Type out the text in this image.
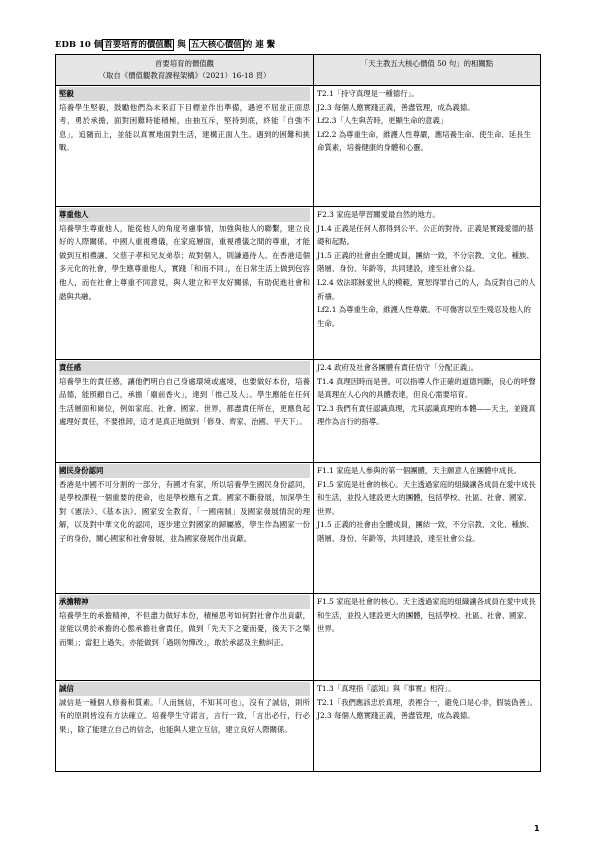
EDB 10 個 首要培育的價值觀 與 五大核心價值 的 連 繫
首要培育的價值觀
（取自《價值觀教育課程架構》（2021）16-18 頁）	「天主教五大核心價值 50 句」的相關點

堅毅
培養學生堅毅，鼓勵他們為未來訂下目標並作出準備，遇逆不屈並正面思考、勇於承擔，面對困難時能積極，由抽互斥，堅持到底，終能「自強不息」，追隨而上，並能以真實地面對生活，建構正面人生。遇到的困難和挑戰。	T2.1「持守真理是一種德行」。
J2.3 每個人應實踐正義，善盡管理，成為義德。
Lf2.3「人生與苦時，更顯生命的意義」
Lf2.2 為尊重生命，維護人性尊嚴，應培養生命、使生命、延長生命質素，培養健康的身體和心靈。

尊重他人
培養學生尊重他人，能從他人的角度考慮事情，加強與他人的聯繫，建立良好的人際關係。中國人重視禮儀，在家庭層面，重視禮儀之間的尊重，才能做到互相禮讓、父慈子孝和兄友弟恭；故對個人，則謙遜待人。在香港這個多元化的社會，學生應尊重他人，實踐「和而不同」，在日常生活上做到包容他人，而在社會上尊重不同意見，與人建立和平友好關係，有助促進社會和諧與共融。	F2.3 家庭是學習關愛最自然的地方。
J1.4 正義是任何人都得到公平、公正的對待。正義是實踐愛德的基礎和起點。
J1.5 正義的社會由全體成員，團結一致，不分宗教、文化、種族、階層、身份、年齡等，共同建設，達至社會公益。
L2.4 效法耶穌愛世人的模範，寬恕得罪自己的人，為反對自己的人祈禱。
Lf2.1 為尊重生命，維護人性尊嚴。不可傷害以至生殘忍及他人的生命。

責任感
培養學生的責任感，讓他們明白自己身處環境或處境，也要做好本份，培養品德，能照顧自己，承擔「廟前香火」，達到「推己及人」。學生應能在任何生活層面和崗位，例如家庭、社會、國家、世界，都盡責任所在，更應負起處理好責任，不要推卸，這才是真正地做到「修身、齊家、治國、平天下」。	J2.4 政府及社會各團體有責任悟守「分配正義」。
T1.4 真理因時而是善。可以指導人作正確的道德判斷，良心的呼聲是真理在人心內的具體表達，但良心需要培育。
T2.3 我們有責任認識真理，尤其認識真理的本體——天主，並踐真理作為言行的指導。

國民身份認同
香港是中國不可分割的一部分，有國才有家，所以培養學生國民身份認同，是學校課程一個重要的使命，也是學校應有之責。國家不斷發展，加深學生對《憲法》、《基本法》、國家安全教育、「一國兩制」及國家發展情況的理解，以及對中華文化的認同，逐步建立對國家的歸屬感，學生作為國家一份子的身份，關心國家和社會發展，並為國家發展作出貢獻。	F1.1 家庭是人參與的第一個團體，天主願意人在團體中成長。
F1.5 家庭是社會的核心。天主透過家庭的組織讓各成員在愛中成長和生活，並投入建設更大的團體，包括學校、社區、社會、國家、世界。
J1.5 正義的社會由全體成員，團結一致，不分宗教、文化、種族、階層、身份、年齡等，共同建設，達至社會公益。

承擔精神
培養學生的承擔精神，不但盡力做好本份，積極思考如何對社會作出貢獻，並能以勇於承擔的心態承擔社會責任，做到「先天下之憂而憂，後天下之樂而樂」；當犯上過失，亦能做到「過則勿憚改」，敢於承認及主動糾正。	F1.5 家庭是社會的核心。天主透過家庭的組織讓各成員在愛中成長和生活，並投入建設更大的團體，包括學校、社區、社會、國家、世界。

誠信
誠信是一種個人修養和質素。「人而無信，不知其可也」，沒有了誠信，則所有的原則皆沒有方法確立。培養學生守諾言，言行一致，「言出必行，行必果」，除了能建立自己的信念，也能與人建立互信，建立良好人際關係。	T1.3「真理指『認知』與『事實』相符」。
T2.1「我們應該忠於真理，表裡合一，避免口是心非，假装偽善」。
J2.3 每個人應實踐正義，善盡管理，成為義德。
1
